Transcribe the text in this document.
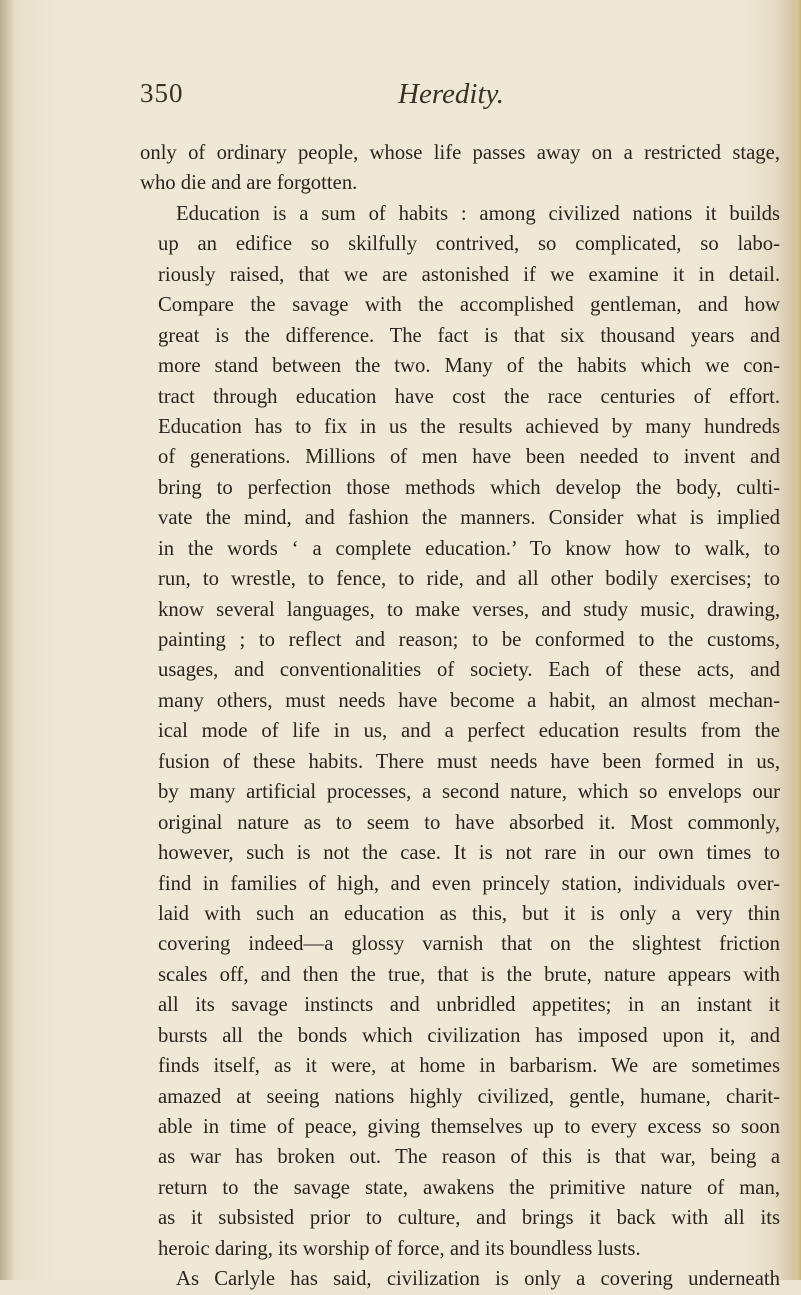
350	Heredity.
only of ordinary people, whose life passes away on a restricted stage,
who die and are forgotten.
Education is a sum of habits : among civilized nations it builds
up an edifice so skilfully contrived, so complicated, so labo-
riously raised, that we are astonished if we examine it in detail.
Compare the savage with the accomplished gentleman, and how
great is the difference. The fact is that six thousand years and
more stand between the two. Many of the habits which we con-
tract through education have cost the race centuries of effort.
Education has to fix in us the results achieved by many hundreds
of generations. Millions of men have been needed to invent and
bring to perfection those methods which develop the body, culti-
vate the mind, and fashion the manners. Consider what is implied
in the words ‘ a complete education.’ To know how to walk, to
run, to wrestle, to fence, to ride, and all other bodily exercises; to
know several languages, to make verses, and study music, drawing,
painting ; to reflect and reason; to be conformed to the customs,
usages, and conventionalities of society. Each of these acts, and
many others, must needs have become a habit, an almost mechan-
ical mode of life in us, and a perfect education results from the
fusion of these habits. There must needs have been formed in us,
by many artificial processes, a second nature, which so envelops our
original nature as to seem to have absorbed it. Most commonly,
however, such is not the case. It is not rare in our own times to
find in families of high, and even princely station, individuals over-
laid with such an education as this, but it is only a very thin
covering indeed—a glossy varnish that on the slightest friction
scales off, and then the true, that is the brute, nature appears with
all its savage instincts and unbridled appetites; in an instant it
bursts all the bonds which civilization has imposed upon it, and
finds itself, as it were, at home in barbarism. We are sometimes
amazed at seeing nations highly civilized, gentle, humane, charit-
able in time of peace, giving themselves up to every excess so soon
as war has broken out. The reason of this is that war, being a
return to the savage state, awakens the primitive nature of man,
as it subsisted prior to culture, and brings it back with all its
heroic daring, its worship of force, and its boundless lusts.
As Carlyle has said, civilization is only a covering underneath
